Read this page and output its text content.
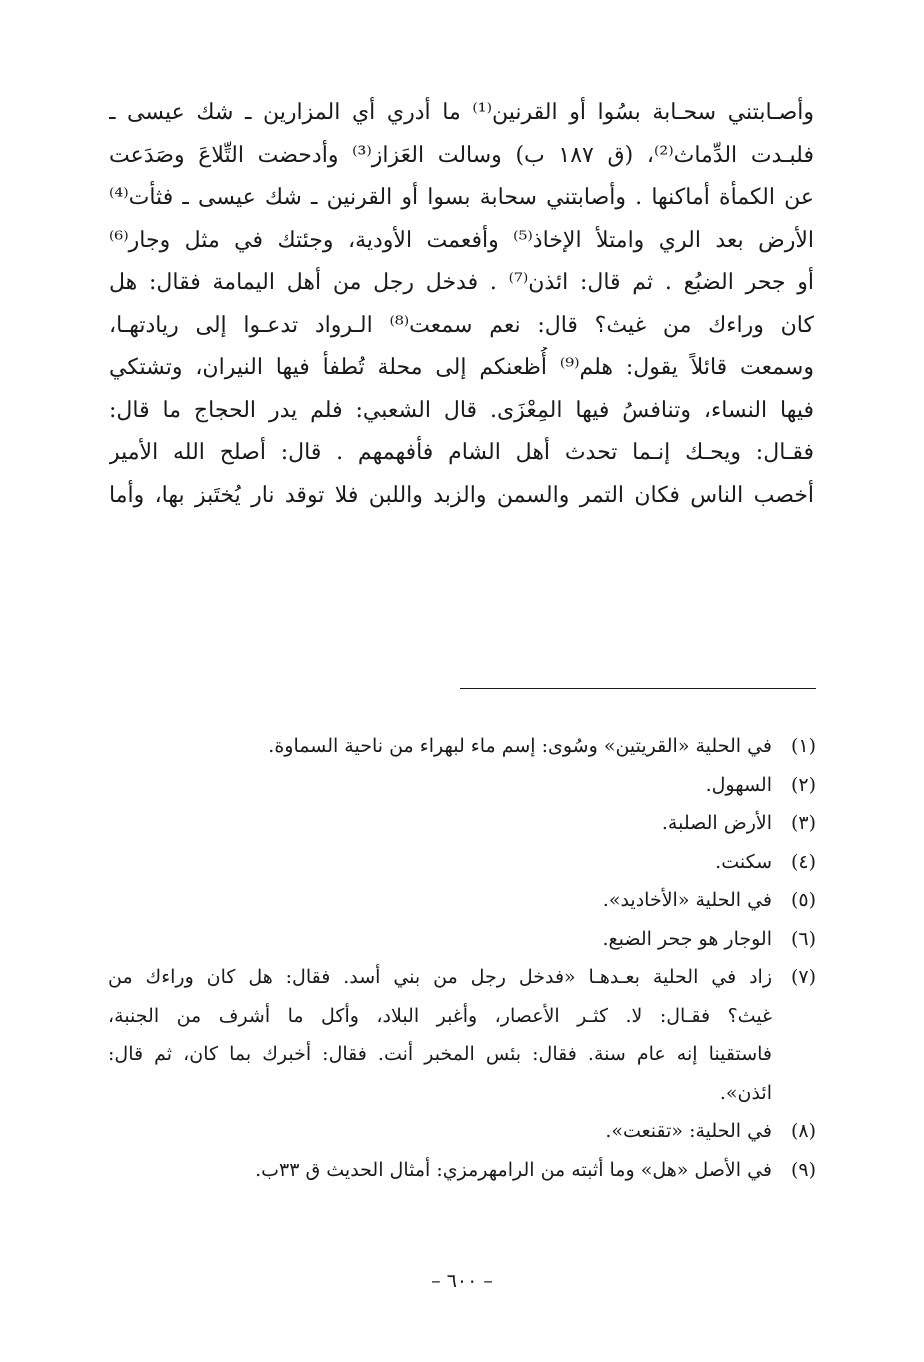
وأصـابتني سحـابة بسُوا أو القرنين⁽¹⁾ ما أدري أي المزارين ـ شك عيسى ـ
فلبـدت الدِّماث⁽²⁾، (ق ١٨٧ ب) وسالت العَزاز⁽³⁾ وأدحضت التِّلاعَ وصَدَعت
عن الكمأة أماكنها . وأصابتني سحابة بسوا أو القرنين ـ شك عيسى ـ فثأت⁽⁴⁾
الأرض بعد الري وامتلأ الإخاذ⁽⁵⁾ وأفعمت الأودية، وجئتك في مثل وجار⁽⁶⁾
أو جحر الضبُع . ثم قال: ائذن⁽⁷⁾ . فدخل رجل من أهل اليمامة فقال: هل
كان وراءك من غيث؟ قال: نعم سمعت⁽⁸⁾ الـرواد تدعـوا إلى ريادتهـا،
وسمعت قائلاً يقول: هلم⁽⁹⁾ أُظعنكم إلى محلة تُطفأ فيها النيران، وتشتكي
فيها النساء، وتنافسُ فيها المِعْزَى. قال الشعبي: فلم يدر الحجاج ما قال:
فقـال: ويحـك إنـما تحدث أهل الشام فأفهمهم . قال: أصلح الله الأمير
أخصب الناس فكان التمر والسمن والزبد واللبن فلا توقد نار يُختَبز بها، وأما
(١)
في الحلية «القريتين» وسُوى: إسم ماء لبهراء من ناحية السماوة.
(٢)
السهول.
(٣)
الأرض الصلبة.
(٤)
سكنت.
(٥)
في الحلية «الأخاديد».
(٦)
الوجار هو جحر الضبع.
(٧)
زاد في الحلية بعـدهـا «فدخل رجل من بني أسد. فقال: هل كان وراءك من
غيث؟ فقـال: لا. كثـر الأعصار، وأغبر البلاد، وأكل ما أشرف من الجنبة،
فاستقينا إنه عام سنة. فقال: بئس المخبر أنت. فقال: أخبرك بما كان، ثم قال:
ائذن».
(٨)
في الحلية: «تقنعت».
(٩)
في الأصل «هل» وما أثبته من الرامهرمزي: أمثال الحديث ق ٣٣ب.
– ٦٠٠ –
